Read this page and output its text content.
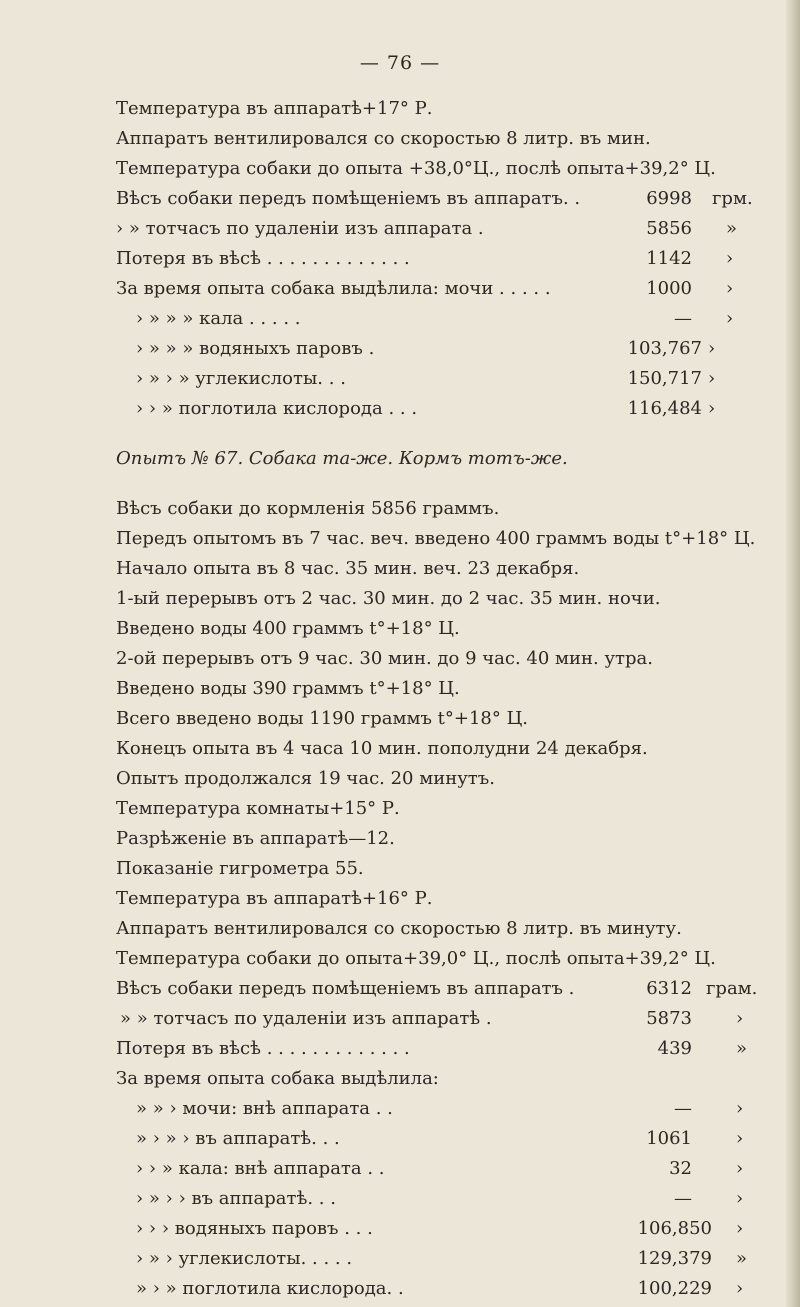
— 76 —
Температура въ аппаратѣ+17° Р.
Аппаратъ вентилировался со скоростью 8 литр. въ мин.
Температура собаки до опыта +38,0°Ц., послѣ опыта+39,2° Ц.
Вѣсъ собаки передъ помѣщеніемъ въ аппаратъ. .	6998 грм.
› » тотчасъ по удаленіи изъ аппарата .	5856 »
Потеря въ вѣсѣ . . . . . . . . . . . . .	1142 ›
За время опыта собака выдѣлила: мочи . . . . .	1000 ›
› » » » кала . . . . .	— ›
› » » » водяныхъ паровъ .	103,767 ›
› » › » углекислоты. . .	150,717 ›
› › » поглотила кислорода . . .	116,484 ›
Опытъ № 67. Собака та-же. Кормъ тотъ-же.
Вѣсъ собаки до кормленія 5856 граммъ.
Передъ опытомъ въ 7 час. веч. введено 400 граммъ воды t°+18° Ц.
Начало опыта въ 8 час. 35 мин. веч. 23 декабря.
1-ый перерывъ отъ 2 час. 30 мин. до 2 час. 35 мин. ночи.
Введено воды 400 граммъ t°+18° Ц.
2-ой перерывъ отъ 9 час. 30 мин. до 9 час. 40 мин. утра.
Введено воды 390 граммъ t°+18° Ц.
Всего введено воды 1190 граммъ t°+18° Ц.
Конецъ опыта въ 4 часа 10 мин. пополудни 24 декабря.
Опытъ продолжался 19 час. 20 минутъ.
Температура комнаты+15° Р.
Разрѣженіе въ аппаратѣ—12.
Показаніе гигрометра 55.
Температура въ аппаратѣ+16° Р.
Аппаратъ вентилировался со скоростью 8 литр. въ минуту.
Температура собаки до опыта+39,0° Ц., послѣ опыта+39,2° Ц.
Вѣсъ собаки передъ помѣщеніемъ въ аппаратъ .	6312 грам.
» » тотчасъ по удаленіи изъ аппаратѣ .	5873 ›
Потеря въ вѣсѣ . . . . . . . . . . . . .	439 »
За время опыта собака выдѣлила:
» » › мочи: внѣ аппарата . .	— ›
» › » › въ аппаратѣ. . .	1061 ›
› › » кала: внѣ аппарата . .	32 ›
› » › › въ аппаратѣ. . .	— ›
› › › водяныхъ паровъ . . .	106,850 ›
› » › углекислоты. . . . .	129,379 »
» › » поглотила кислорода. .	100,229 ›
